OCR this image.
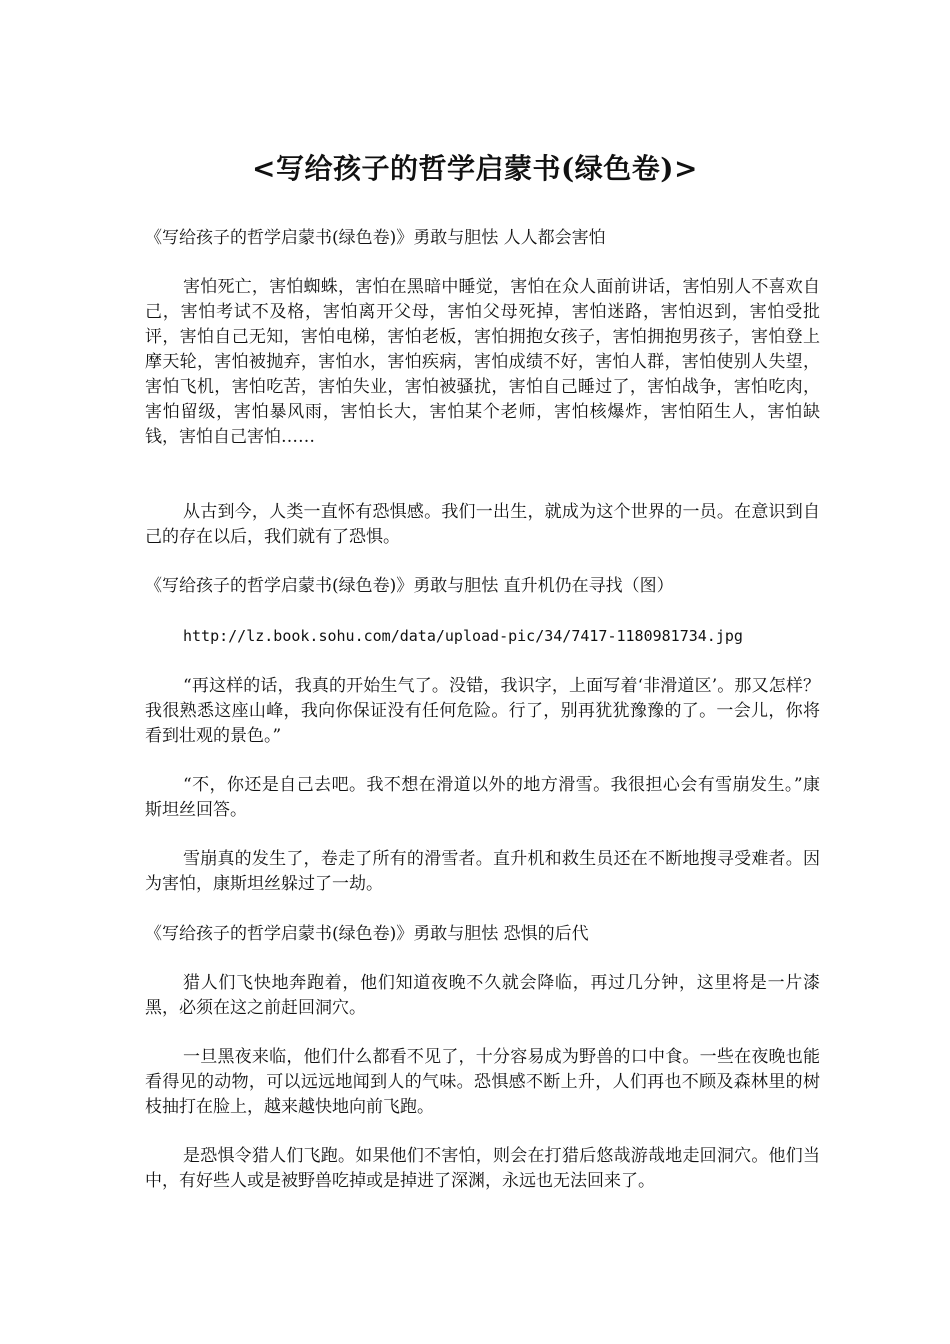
<写给孩子的哲学启蒙书(绿色卷)>

《写给孩子的哲学启蒙书(绿色卷)》勇敢与胆怯 人人都会害怕

害怕死亡，害怕蜘蛛，害怕在黑暗中睡觉，害怕在众人面前讲话，害怕别人不喜欢自己，害怕考试不及格，害怕离开父母，害怕父母死掉，害怕迷路，害怕迟到，害怕受批评，害怕自己无知，害怕电梯，害怕老板，害怕拥抱女孩子，害怕拥抱男孩子，害怕登上摩天轮，害怕被抛弃，害怕水，害怕疾病，害怕成绩不好，害怕人群，害怕使别人失望，害怕飞机，害怕吃苦，害怕失业，害怕被骚扰，害怕自己睡过了，害怕战争，害怕吃肉，害怕留级，害怕暴风雨，害怕长大，害怕某个老师，害怕核爆炸，害怕陌生人，害怕缺钱，害怕自己害怕……

从古到今，人类一直怀有恐惧感。我们一出生，就成为这个世界的一员。在意识到自己的存在以后，我们就有了恐惧。

《写给孩子的哲学启蒙书(绿色卷)》勇敢与胆怯 直升机仍在寻找（图）

http://lz.book.sohu.com/data/upload-pic/34/7417-1180981734.jpg

“再这样的话，我真的开始生气了。没错，我识字，上面写着‘非滑道区’。那又怎样？我很熟悉这座山峰，我向你保证没有任何危险。行了，别再犹犹豫豫的了。一会儿，你将看到壮观的景色。”

“不，你还是自己去吧。我不想在滑道以外的地方滑雪。我很担心会有雪崩发生。”康斯坦丝回答。

雪崩真的发生了，卷走了所有的滑雪者。直升机和救生员还在不断地搜寻受难者。因为害怕，康斯坦丝躲过了一劫。

《写给孩子的哲学启蒙书(绿色卷)》勇敢与胆怯 恐惧的后代

猎人们飞快地奔跑着，他们知道夜晚不久就会降临，再过几分钟，这里将是一片漆黑，必须在这之前赶回洞穴。

一旦黑夜来临，他们什么都看不见了，十分容易成为野兽的口中食。一些在夜晚也能看得见的动物，可以远远地闻到人的气味。恐惧感不断上升，人们再也不顾及森林里的树枝抽打在脸上，越来越快地向前飞跑。

是恐惧令猎人们飞跑。如果他们不害怕，则会在打猎后悠哉游哉地走回洞穴。他们当中，有好些人或是被野兽吃掉或是掉进了深渊，永远也无法回来了。
